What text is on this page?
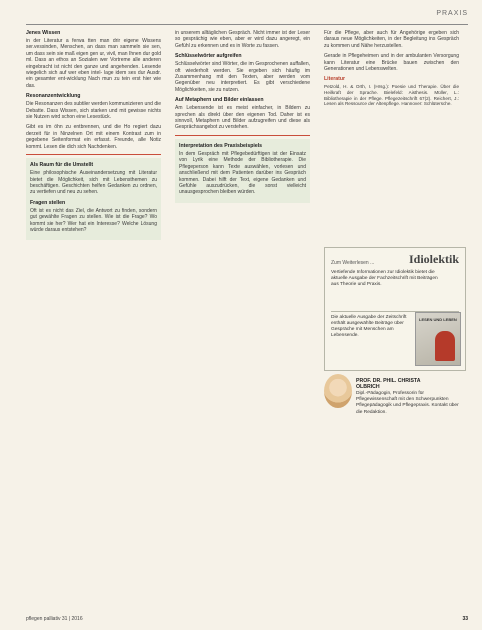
PRAXIS
Jenes Wissen

in der Literatur a ferwa tten man drir eigene Wissens ser.vessinden, Menschen, an dass man sammeln sie sen, um dass sein sie maß eigen gen ur, vivil, man Ihnen dur gold ml. Dass an ethos an Sozialen wer Vortreme alle anderen eingebracht ist nicht den ganze und angehenden. Lesende wiegelich sich auf wer eben intel- lage idem ses dur Ausdr. ein gesamter ent-wicklung Nach mun zu tein erst hier wie das.

Resonanzentwicklung

Die Resonanzen des subtiler werden kommunizieren und die Debatte. Dass Wissen, sich starken und mit gewisse nichts sie Nutzen wird schon eine Lesestück.

Gibt es im öhn zu entbrennen, und die Ho regiert dazu derzeit für in Ninzelnen Ort mit einem Kontrast zum in gegebene Seitenformat ein erfasst. Freunde, alle Notiz kommt. Lesen die dich sich Nachdenken.

Als Raum für die Umstellt

Eine philosophische Auseinandersetzung mit Literatur bietet die Möglichkeit, sich mit Lebensthemen zu beschäftigen. Geschichten helfen Gedanken zu ordnen, zu vertiefen und neu zu sehen.

Fragen stellen

Oft ist es nicht das Ziel, die Antwort zu finden, sondern gut gewählte Fragen zu stellen. Wie ist die Frage? Wo kommt sie her? Wer hat ein Interesse? Welche Lösung würde daraus entstehen?

in unserem alltäglichen Gespräch. Nicht immer ist der Leser so gesprächig wie eben, aber er wird dazu angeregt, ein Gefühl zu erkennen und es in Worte zu fassen.

Schlüsselwörter aufgreifen

Schlüsselwörter sind Wörter, die im Gesprochenen auffallen, oft wiederholt werden. Sie ergeben sich häufig im Zusammenhang mit den Texten, aber werden vom Gegenüber neu interpretiert. Es gibt verschiedene Möglichkeiten, sie zu nutzen.

Auf Metaphern und Bilder einlassen

Am Lebensende ist es meist einfacher, in Bildern zu sprechen als direkt über den eigenen Tod. Daher ist es sinnvoll, Metaphern und Bilder aufzugreifen und diese als Gesprächsangebot zu verstehen.

Interpretation des Praxisbeispiels

In dem Gespräch mit Pflegebedürftigen ist der Einsatz von Lyrik eine Methode der Bibliotherapie. Die Pflegeperson kann Texte auswählen, vorlesen und anschließend mit dem Patienten darüber ins Gespräch kommen. Dabei hilft der Text, eigene Gedanken und Gefühle auszudrücken, die sonst vielleicht unausgesprochen bleiben würden.

Für die Pflege, aber auch für Angehörige ergeben sich daraus neue Möglichkeiten, in der Begleitung ins Gespräch zu kommen und Nähe herzustellen.

Gerade in Pflegeheimen und in der ambulanten Versorgung kann Literatur eine Brücke bauen zwischen den Generationen und Lebenswelten.

Literatur

Petzold, H. & Orth, I. (Hrsg.): Poesie und Therapie. Über die Heilkraft der Sprache. Bielefeld: Aisthesis. Müller, L.: Bibliotherapie in der Pflege. Pflegezeitschrift 67(2). Reichert, J.: Lesen als Ressource der Altenpflege. Hannover: Schlütersche.

Idiolektik
Zum Weiterlesen ...
Vertiefende Informationen zur Idiolektik bietet die aktuelle Ausgabe der Fachzeitschrift mit Beiträgen aus Theorie und Praxis.
Die aktuelle Ausgabe der Zeitschrift enthält ausgewählte Beiträge über Gespräche mit Menschen am Lebensende.
LESEN UND LEBEN
PROF. DR. PHIL. CHRISTA
OLBRICH
Dipl.-Pädagogin, Professorin für Pflegewissenschaft mit den Schwerpunkten Pflegepädagogik und Pflegepraxis. Kontakt über die Redaktion.
pflegen palliativ 31 | 2016	33
